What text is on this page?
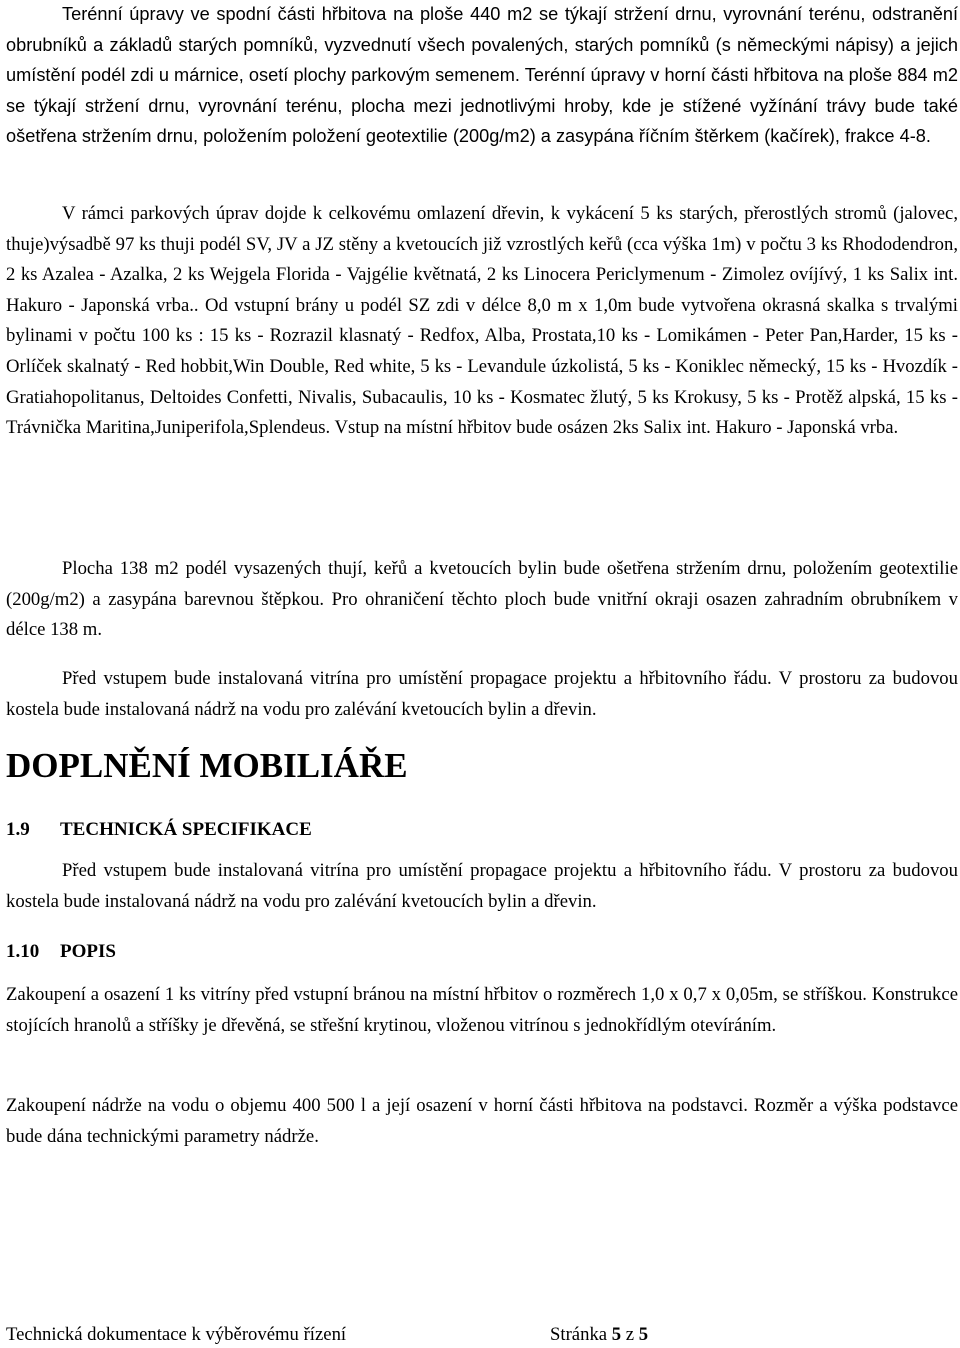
Terénní úpravy ve spodní části hřbitova na ploše 440 m2 se týkají stržení drnu, vyrovnání terénu, odstranění obrubníků a základů starých pomníků, vyzvednutí všech povalených, starých pomníků (s německými nápisy) a jejich umístění podél zdi u márnice, osetí plochy parkovým semenem. Terénní úpravy v horní části hřbitova na ploše 884 m2 se týkají stržení drnu, vyrovnání terénu, plocha mezi jednotlivými hroby, kde je stížené vyžínání trávy bude také ošetřena stržením drnu, položením položení geotextilie (200g/m2) a zasypána říčním štěrkem (kačírek), frakce 4-8.

V rámci parkových úprav dojde k celkovému omlazení dřevin, k vykácení 5 ks starých, přerostlých stromů (jalovec, thuje)výsadbě 97 ks thuji podél SV, JV a JZ stěny a kvetoucích již vzrostlých keřů (cca výška 1m) v počtu 3 ks Rhododendron, 2 ks Azalea - Azalka, 2 ks Wejgela Florida - Vajgélie květnatá, 2 ks Linocera Periclymenum - Zimolez ovíjívý, 1 ks Salix int. Hakuro - Japonská vrba.. Od vstupní brány u podél SZ zdi v délce 8,0 m x 1,0m bude vytvořena okrasná skalka s trvalými bylinami v počtu 100 ks : 15 ks - Rozrazil klasnatý - Redfox, Alba, Prostata,10 ks - Lomikámen - Peter Pan,Harder, 15 ks - Orlíček skalnatý - Red hobbit,Win Double, Red white, 5 ks - Levandule úzkolistá, 5 ks - Koniklec německý, 15 ks - Hvozdík - Gratiahopolitanus, Deltoides Confetti, Nivalis, Subacaulis, 10 ks - Kosmatec žlutý, 5 ks Krokusy, 5 ks - Protěž alpská, 15 ks - Trávnička Maritina,Juniperifola,Splendeus. Vstup na místní hřbitov bude osázen 2ks Salix int. Hakuro - Japonská vrba.

Plocha 138 m2 podél vysazených thují, keřů a kvetoucích bylin bude ošetřena stržením drnu, položením geotextilie (200g/m2) a zasypána barevnou štěpkou. Pro ohraničení těchto ploch bude vnitřní okraji osazen zahradním obrubníkem v délce 138 m.

Před vstupem bude instalovaná vitrína pro umístění propagace projektu a hřbitovního řádu. V prostoru za budovou kostela bude instalovaná nádrž na vodu pro zalévání kvetoucích bylin a dřevin.

DOPLNĚNÍ MOBILIÁŘE
1.9 TECHNICKÁ SPECIFIKACE

Před vstupem bude instalovaná vitrína pro umístění propagace projektu a hřbitovního řádu. V prostoru za budovou kostela bude instalovaná nádrž na vodu pro zalévání kvetoucích bylin a dřevin.

1.10 POPIS

Zakoupení a osazení 1 ks vitríny před vstupní bránou na místní hřbitov o rozměrech 1,0 x 0,7 x 0,05m, se stříškou. Konstrukce stojících hranolů a stříšky je dřevěná, se střešní krytinou, vloženou vitrínou s jednokřídlým otevíráním.

Zakoupení nádrže na vodu o objemu 400 500 l a její osazení v horní části hřbitova na podstavci. Rozměr a výška podstavce bude dána technickými parametry nádrže.

Technická dokumentace k výběrovému řízení	Stránka 5 z 5
